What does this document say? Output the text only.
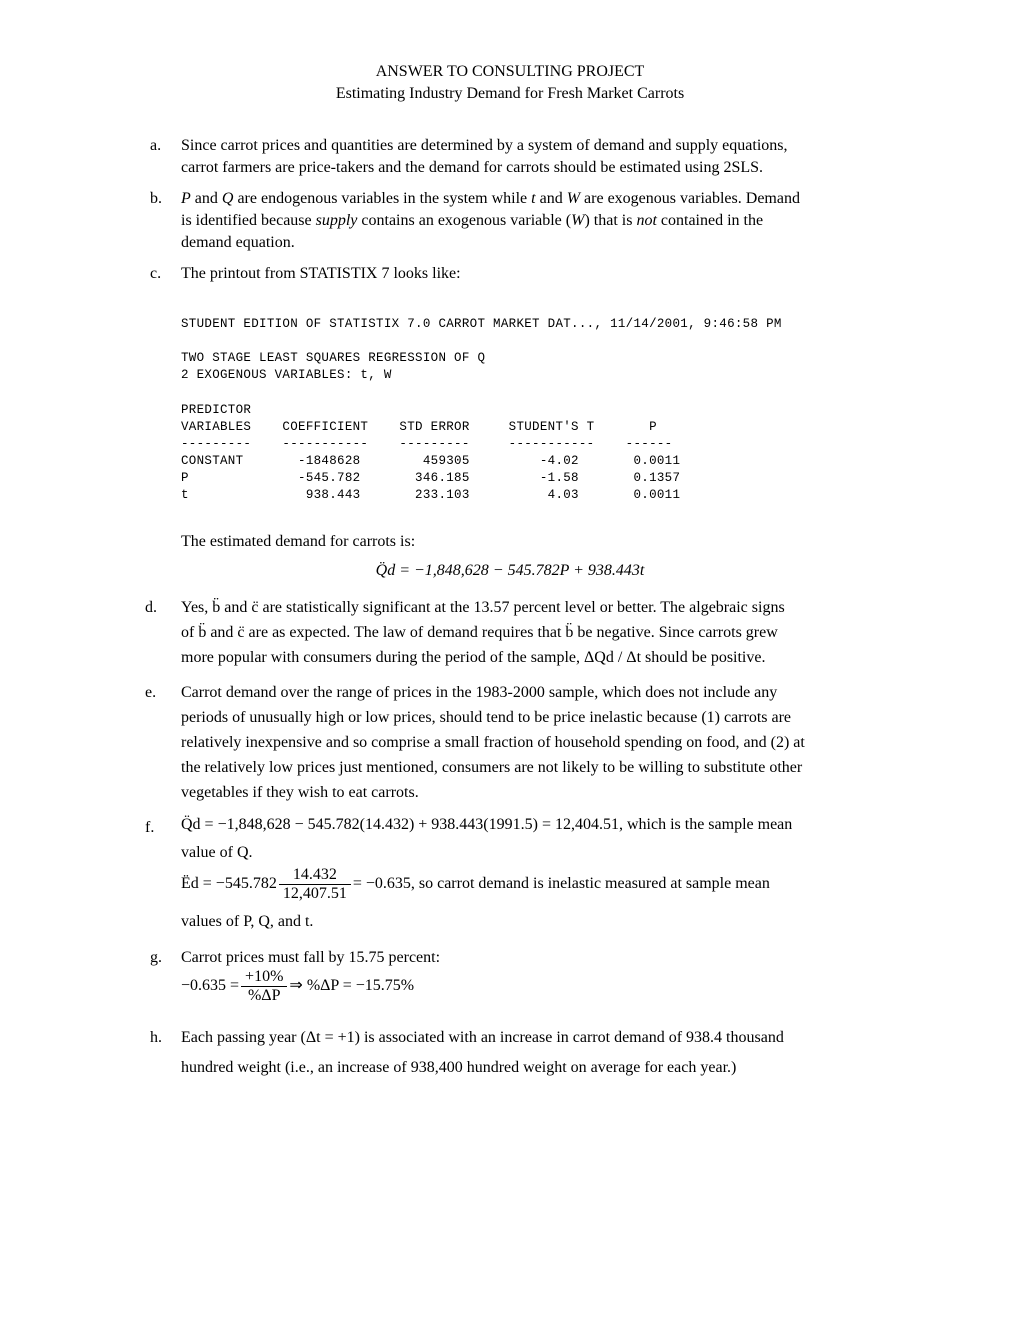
ANSWER TO CONSULTING PROJECT
Estimating Industry Demand for Fresh Market Carrots
a. Since carrot prices and quantities are determined by a system of demand and supply equations,
carrot farmers are price-takers and the demand for carrots should be estimated using 2SLS.
b. P and Q are endogenous variables in the system while t and W are exogenous variables. Demand
is identified because supply contains an exogenous variable (W) that is not contained in the
demand equation.
c. The printout from STATISTIX 7 looks like:
STUDENT EDITION OF STATISTIX 7.0 CARROT MARKET DAT..., 11/14/2001, 9:46:58 PM
TWO STAGE LEAST SQUARES REGRESSION OF Q
2 EXOGENOUS VARIABLES: t, W
PREDICTOR
VARIABLES    COEFFICIENT    STD ERROR     STUDENT'S T       P
---------    -----------    ---------     -----------    ------
CONSTANT       -1848628        459305         -4.02       0.0011
P              -545.782       346.185         -1.58       0.1357
t               938.443       233.103          4.03       0.0011
The estimated demand for carrots is:
Q̈d = −1,848,628 − 545.782P + 938.443t
d. Yes, b̈ and c̈ are statistically significant at the 13.57 percent level or better. The algebraic signs
of b̈ and c̈ are as expected. The law of demand requires that b̈ be negative. Since carrots grew
more popular with consumers during the period of the sample, ΔQd / Δt should be positive.
e. Carrot demand over the range of prices in the 1983-2000 sample, which does not include any
periods of unusually high or low prices, should tend to be price inelastic because (1) carrots are
relatively inexpensive and so comprise a small fraction of household spending on food, and (2) at
the relatively low prices just mentioned, consumers are not likely to be willing to substitute other
vegetables if they wish to eat carrots.
f. Q̈d = −1,848,628 − 545.782(14.432) + 938.443(1991.5) = 12,404.51, which is the sample mean
value of Q.
Ëd = $-545.782 \frac{14.432}{12,407.51} = -0.635$, so carrot demand is inelastic measured at sample mean
values of P, Q, and t.
g. Carrot prices must fall by 15.75 percent:
$-0.635 = \frac{+10\%}{\%\Delta P}$ ⇒ %ΔP = −15.75%
h. Each passing year (Δt = +1) is associated with an increase in carrot demand of 938.4 thousand
hundred weight (i.e., an increase of 938,400 hundred weight on average for each year.)
